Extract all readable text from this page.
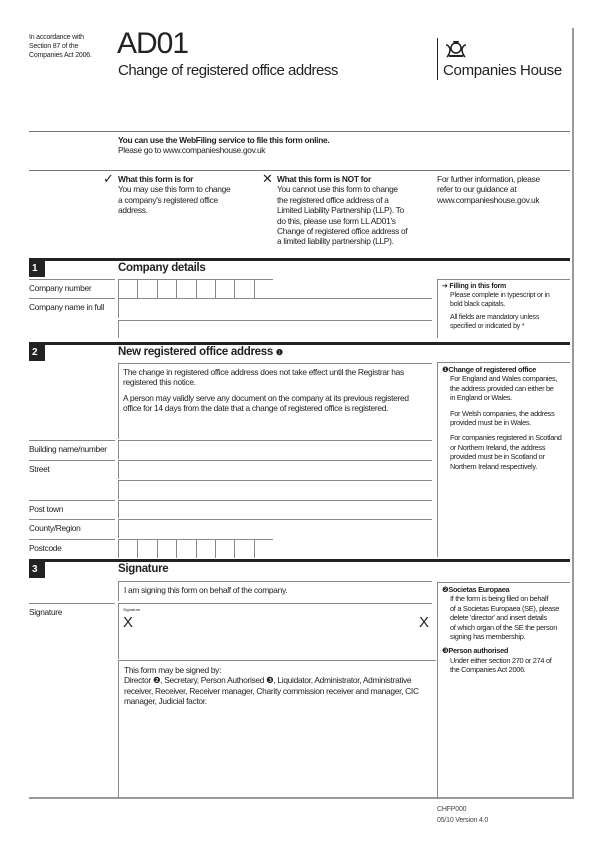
In accordance with
Section 87 of the
Companies Act 2006. AD01
Change of registered office address	Companies House
You can use the WebFiling service to file this form online.
Please go to www.companieshouse.gov.uk
✓ What this form is for
You may use this form to change
a company's registered office
address.
✕ What this form is NOT for
You cannot use this form to change
the registered office address of a
Limited Liability Partnership (LLP). To
do this, please use form LL AD01's
Change of registered office address of
a limited liability partnership (LLP).
For further information, please
refer to our guidance at
www.companieshouse.gov.uk
1	Company details
Company number
Company name in full
➔ Filling in this form
Please complete in typescript or in
bold black capitals.
All fields are mandatory unless
specified or indicated by *
2	New registered office address ❶
The change in registered office address does not take effect until the Registrar has registered this notice.
A person may validly serve any document on the company at its previous registered office for 14 days from the date that a change of registered office is registered.
Building name/number
Street
Post town
County/Region
Postcode
❶Change of registered office
For England and Wales companies,
the address provided can either be
in England or Wales.
For Welsh companies, the address
provided must be in Wales.
For companies registered in Scotland
or Northern Ireland, the address
provided must be in Scotland or
Northern Ireland respectively.
3	Signature
I am signing this form on behalf of the company.
Signature	Signature
X	X
This form may be signed by:
Director ❷, Secretary, Person Authorised ❸, Liquidator, Administrator, Administrative receiver, Receiver, Receiver manager, Charity commission receiver and manager, CIC manager, Judicial factor.
❷Societas Europaea
If the form is being filed on behalf
of a Societas Europaea (SE), please
delete 'director' and insert details
of which organ of the SE the person
signing has membership.
❸Person authorised
Under either section 270 or 274 of
the Companies Act 2006.
CHFP000
05/10 Version 4.0
